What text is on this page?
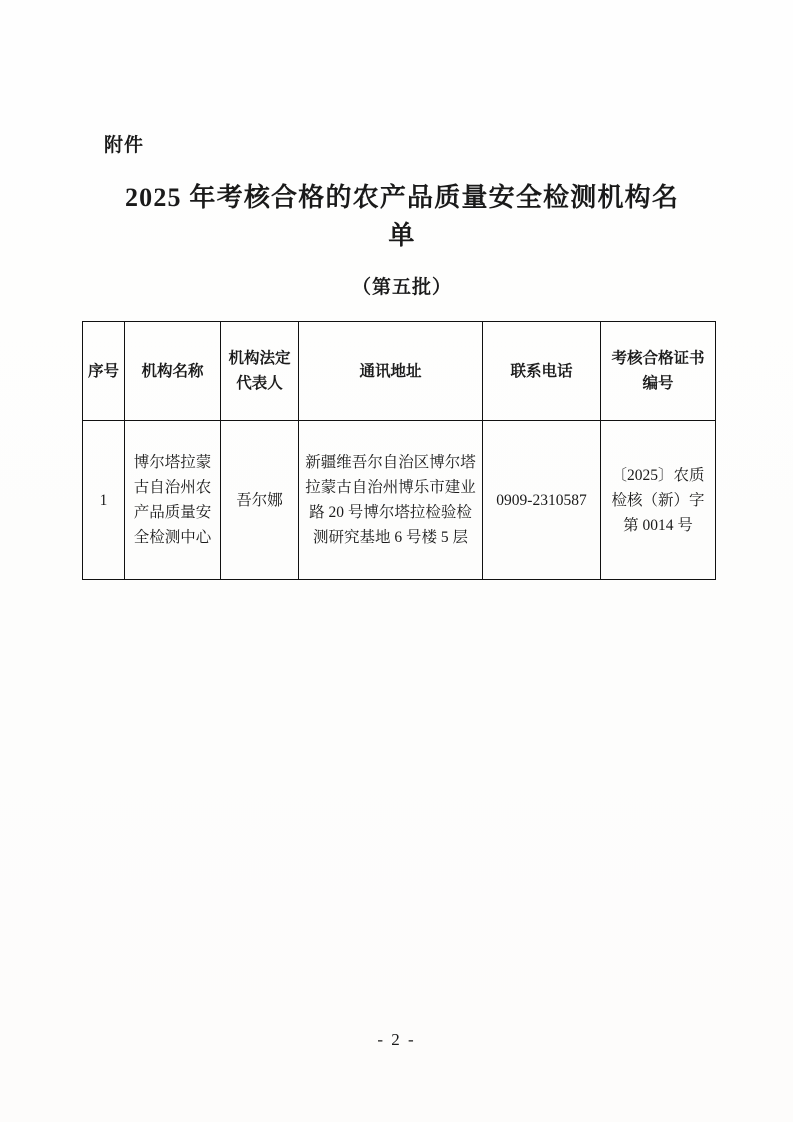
附件
2025 年考核合格的农产品质量安全检测机构名单
（第五批）
序号	机构名称	机构法定代表人	通讯地址	联系电话	考核合格证书编号
1	博尔塔拉蒙古自治州农产品质量安全检测中心	吾尔娜	新疆维吾尔自治区博尔塔拉蒙古自治州博乐市建业路 20 号博尔塔拉检验检测研究基地 6 号楼 5 层	0909-2310587	〔2025〕农质检核（新）字第 0014 号
- 2 -
